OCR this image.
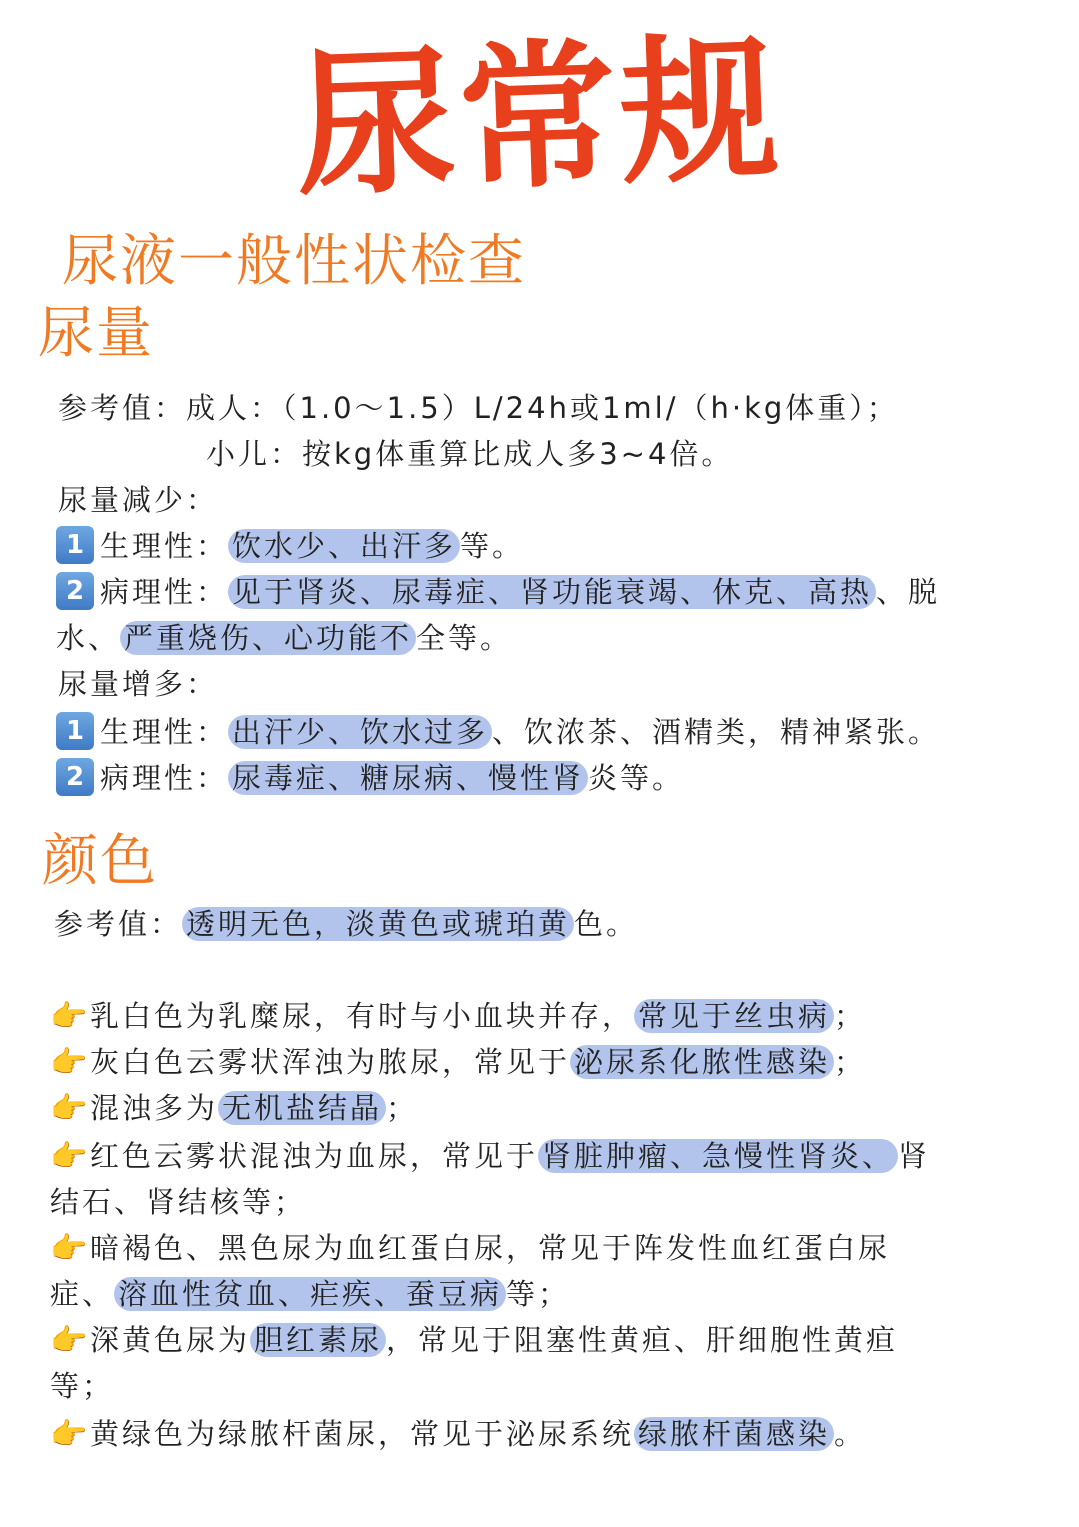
尿常规
尿液一般性状检查
尿量
参考值：成人：（1.0～1.5）L/24h或1ml/（h·kg体重）；
小儿：按kg体重算比成人多3~4倍。
尿量减少：
1 生理性： 饮水少、出汗多 等。
2 病理性： 见于肾炎、尿毒症、肾功能衰竭、休克、高热 、脱
水、 严重烧伤、心功能不 全等。
尿量增多：
1 生理性： 出汗少、饮水过多 、饮浓茶、酒精类，精神紧张。
2 病理性： 尿毒症、糖尿病、慢性肾 炎等。
颜色
参考值： 透明无色，淡黄色或琥珀黄 色。
👉乳白色为乳糜尿，有时与小血块并存， 常见于丝虫病 ；
👉灰白色云雾状浑浊为脓尿，常见于 泌尿系化脓性感染 ；
👉混浊多为 无机盐结晶 ；
👉红色云雾状混浊为血尿，常见于 肾脏肿瘤、急慢性肾炎、 肾
结石、肾结核等；
👉暗褐色、黑色尿为血红蛋白尿，常见于阵发性血红蛋白尿
症、 溶血性贫血、疟疾、蚕豆病 等；
👉深黄色尿为 胆红素尿 ，常见于阻塞性黄疸、肝细胞性黄疸
等；
👉黄绿色为绿脓杆菌尿，常见于泌尿系统 绿脓杆菌感染 。
